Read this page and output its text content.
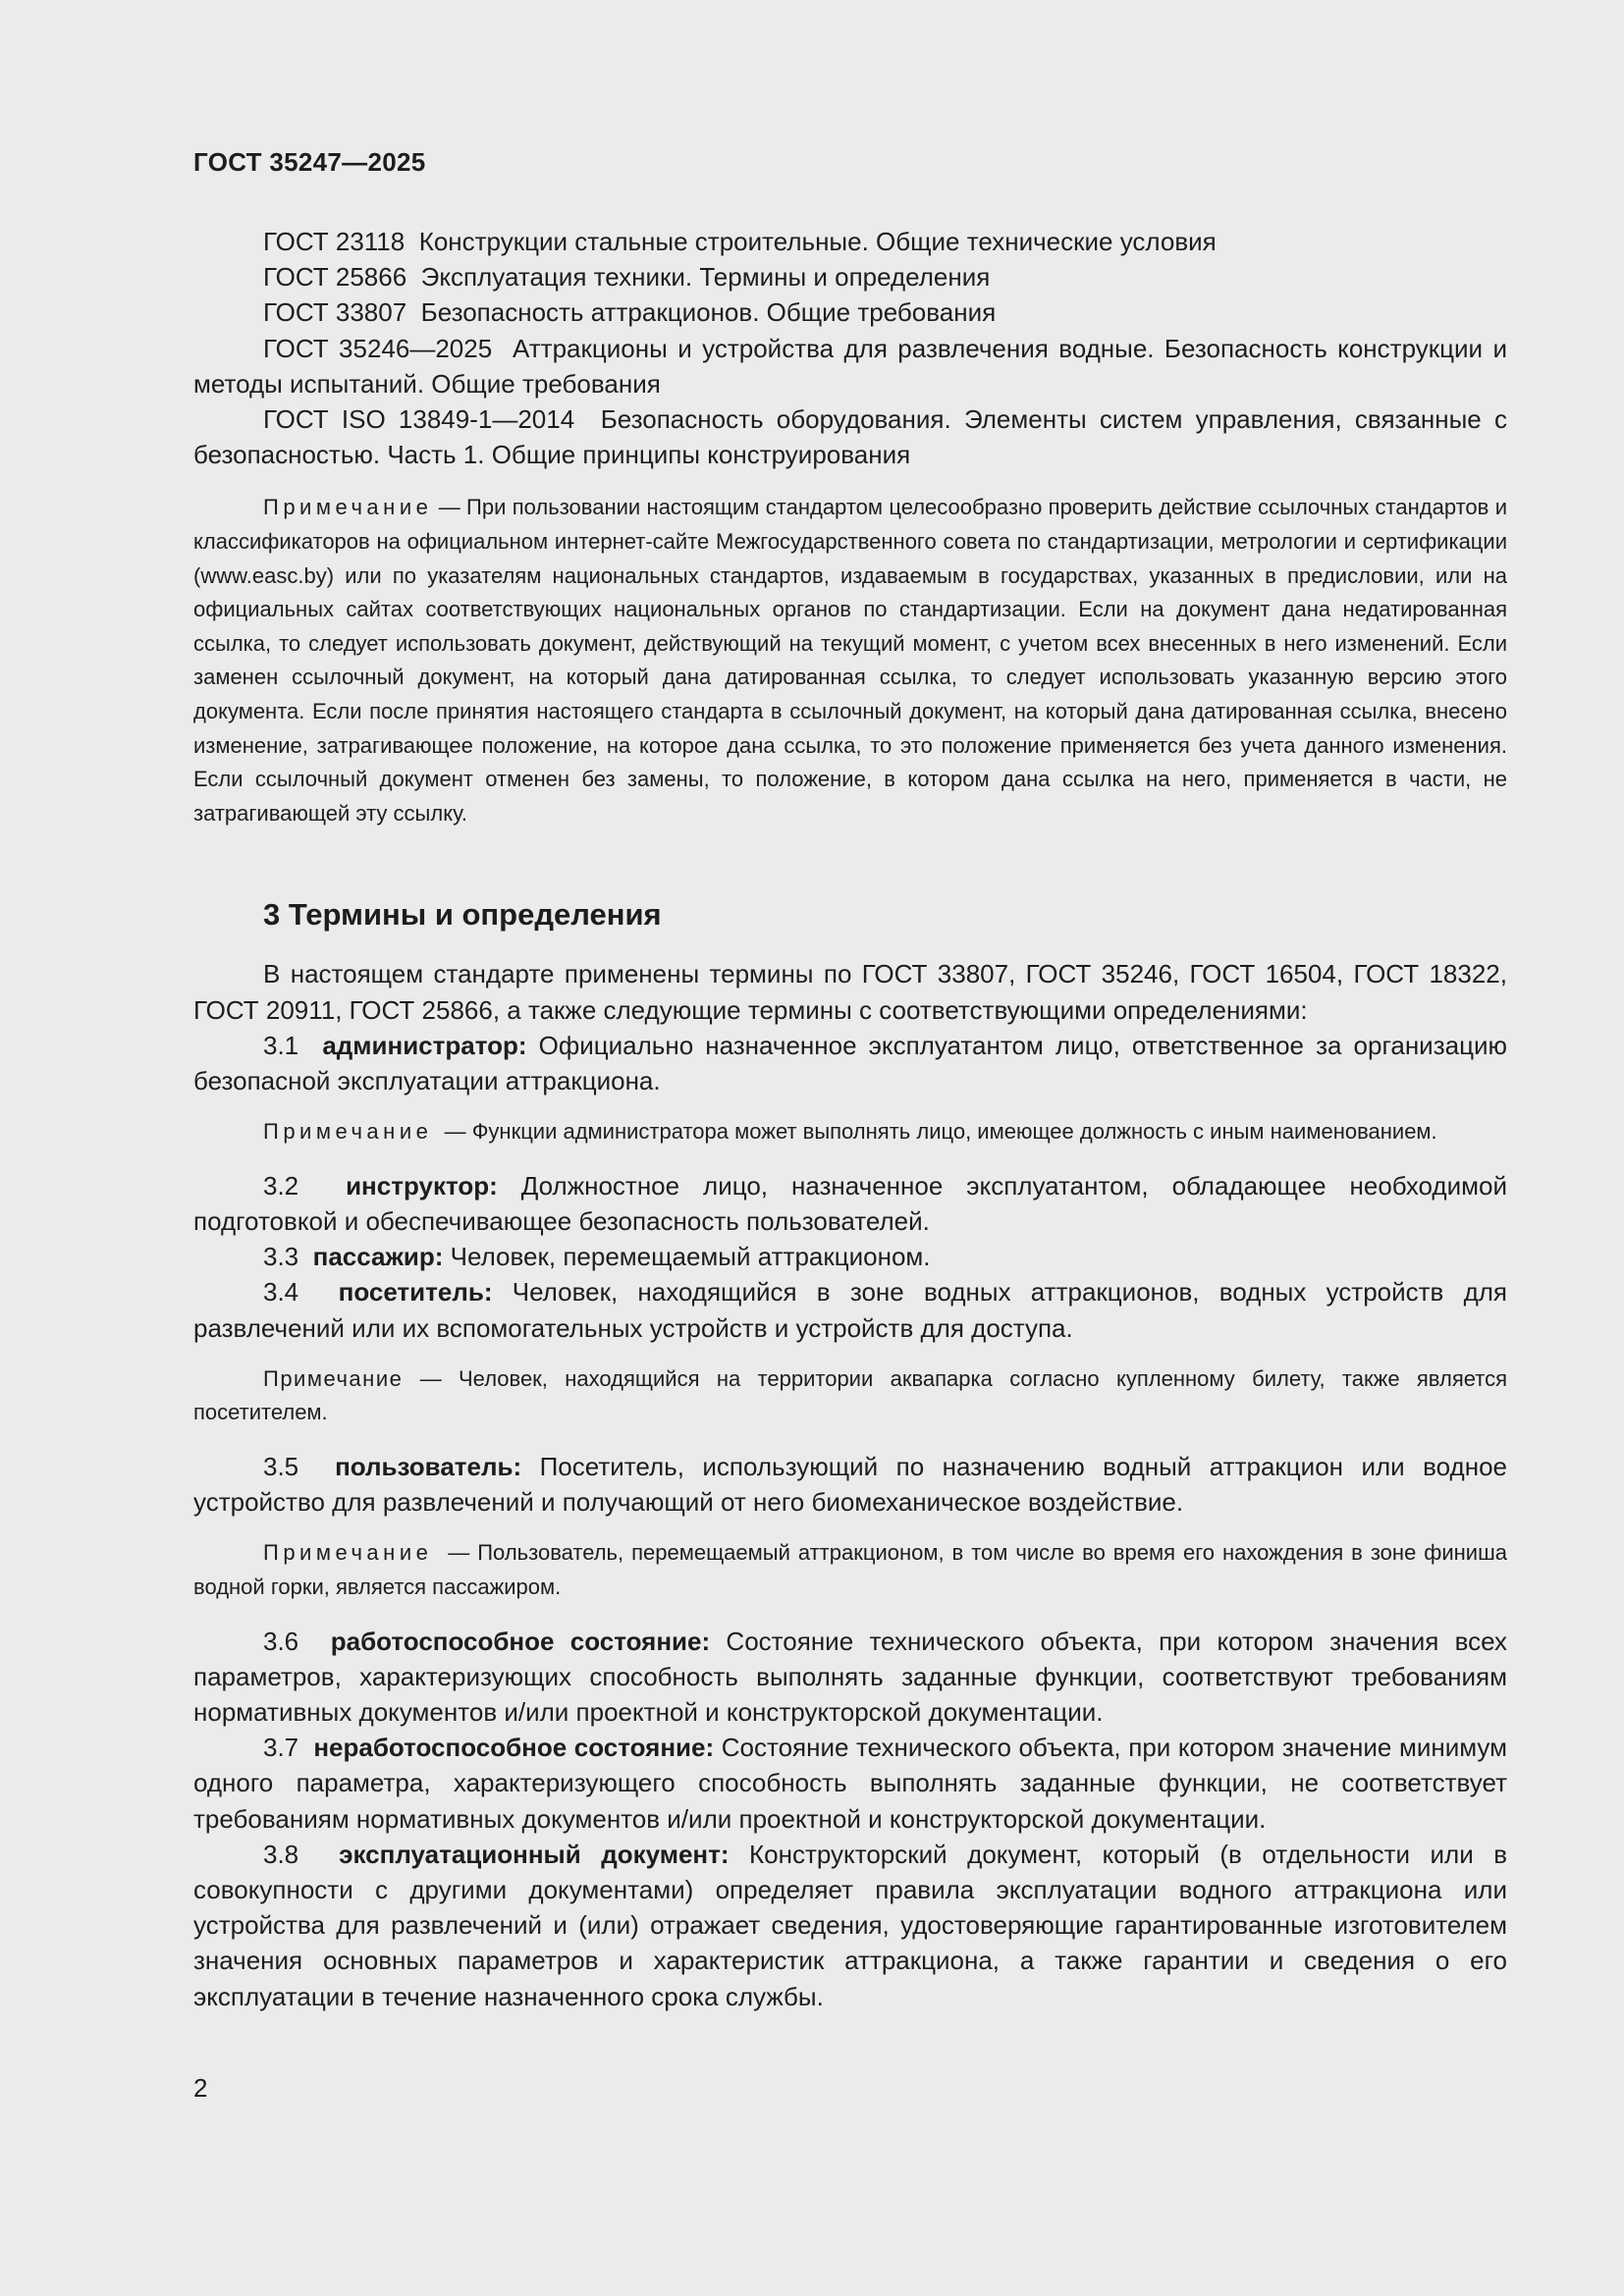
ГОСТ 35247—2025

ГОСТ 23118 Конструкции стальные строительные. Общие технические условия

ГОСТ 25866 Эксплуатация техники. Термины и определения

ГОСТ 33807 Безопасность аттракционов. Общие требования

ГОСТ 35246—2025 Аттракционы и устройства для развлечения водные. Безопасность конструкции и методы испытаний. Общие требования

ГОСТ ISO 13849-1—2014 Безопасность оборудования. Элементы систем управления, связанные с безопасностью. Часть 1. Общие принципы конструирования

Примечание — При пользовании настоящим стандартом целесообразно проверить действие ссылочных стандартов и классификаторов на официальном интернет-сайте Межгосударственного совета по стандартизации, метрологии и сертификации (www.easc.by) или по указателям национальных стандартов, издаваемым в государствах, указанных в предисловии, или на официальных сайтах соответствующих национальных органов по стандартизации. Если на документ дана недатированная ссылка, то следует использовать документ, действующий на текущий момент, с учетом всех внесенных в него изменений. Если заменен ссылочный документ, на который дана датированная ссылка, то следует использовать указанную версию этого документа. Если после принятия настоящего стандарта в ссылочный документ, на который дана датированная ссылка, внесено изменение, затрагивающее положение, на которое дана ссылка, то это положение применяется без учета данного изменения. Если ссылочный документ отменен без замены, то положение, в котором дана ссылка на него, применяется в части, не затрагивающей эту ссылку.

3 Термины и определения

В настоящем стандарте применены термины по ГОСТ 33807, ГОСТ 35246, ГОСТ 16504, ГОСТ 18322, ГОСТ 20911, ГОСТ 25866, а также следующие термины с соответствующими определениями:

3.1 администратор: Официально назначенное эксплуатантом лицо, ответственное за организацию безопасной эксплуатации аттракциона.

Примечание — Функции администратора может выполнять лицо, имеющее должность с иным наименованием.

3.2 инструктор: Должностное лицо, назначенное эксплуатантом, обладающее необходимой подготовкой и обеспечивающее безопасность пользователей.

3.3 пассажир: Человек, перемещаемый аттракционом.

3.4 посетитель: Человек, находящийся в зоне водных аттракционов, водных устройств для развлечений или их вспомогательных устройств и устройств для доступа.

Примечание — Человек, находящийся на территории аквапарка согласно купленному билету, также является посетителем.

3.5 пользователь: Посетитель, использующий по назначению водный аттракцион или водное устройство для развлечений и получающий от него биомеханическое воздействие.

Примечание — Пользователь, перемещаемый аттракционом, в том числе во время его нахождения в зоне финиша водной горки, является пассажиром.

3.6 работоспособное состояние: Состояние технического объекта, при котором значения всех параметров, характеризующих способность выполнять заданные функции, соответствуют требованиям нормативных документов и/или проектной и конструкторской документации.

3.7 неработоспособное состояние: Состояние технического объекта, при котором значение минимум одного параметра, характеризующего способность выполнять заданные функции, не соответствует требованиям нормативных документов и/или проектной и конструкторской документации.

3.8 эксплуатационный документ: Конструкторский документ, который (в отдельности или в совокупности с другими документами) определяет правила эксплуатации водного аттракциона или устройства для развлечений и (или) отражает сведения, удостоверяющие гарантированные изготовителем значения основных параметров и характеристик аттракциона, а также гарантии и сведения о его эксплуатации в течение назначенного срока службы.

2
